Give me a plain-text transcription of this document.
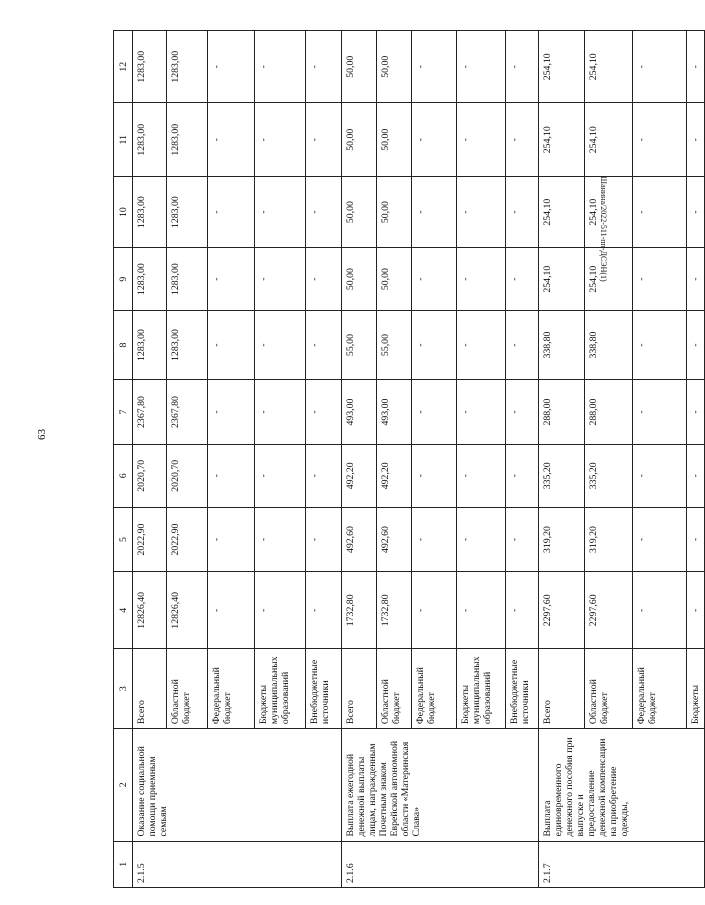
63
Шанина/2022-511-пп-ДСЭН(1)
1	2	3	4	5	6	7	8	9	10	11	12
2.1.5	Оказание социальной помощи приемным семьям	Всего	12826,40	2022,90	2020,70	2367,80	1283,00	1283,00	1283,00	1283,00	1283,00
		Областной бюджет	12826,40	2022,90	2020,70	2367,80	1283,00	1283,00	1283,00	1283,00	1283,00
		Федеральный бюджет	-	-	-	-	-	-	-	-	-
		Бюджеты муниципальных образований	-	-	-	-	-	-	-	-	-
		Внебюджетные источники	-	-	-	-	-	-	-	-	-
2.1.6	Выплата ежегодной денежной выплаты лицам, награжденным Почетным знаком Еврейской автономной области «Материнская Слава»	Всего	1732,80	492,60	492,20	493,00	55,00	50,00	50,00	50,00	50,00
		Областной бюджет	1732,80	492,60	492,20	493,00	55,00	50,00	50,00	50,00	50,00
		Федеральный бюджет	-	-	-	-	-	-	-	-	-
		Бюджеты муниципальных образований	-	-	-	-	-	-	-	-	-
		Внебюджетные источники	-	-	-	-	-	-	-	-	-
2.1.7	Выплата единовременного денежного пособия при выпуске и предоставление денежной компенсации на приобретение одежды,	Всего	2297,60	319,20	335,20	288,00	338,80	254,10	254,10	254,10	254,10
		Областной бюджет	2297,60	319,20	335,20	288,00	338,80	254,10	254,10	254,10	254,10
		Федеральный бюджет	-	-	-	-	-	-	-	-	-
		Бюджеты	-	-	-	-	-	-	-	-	-
